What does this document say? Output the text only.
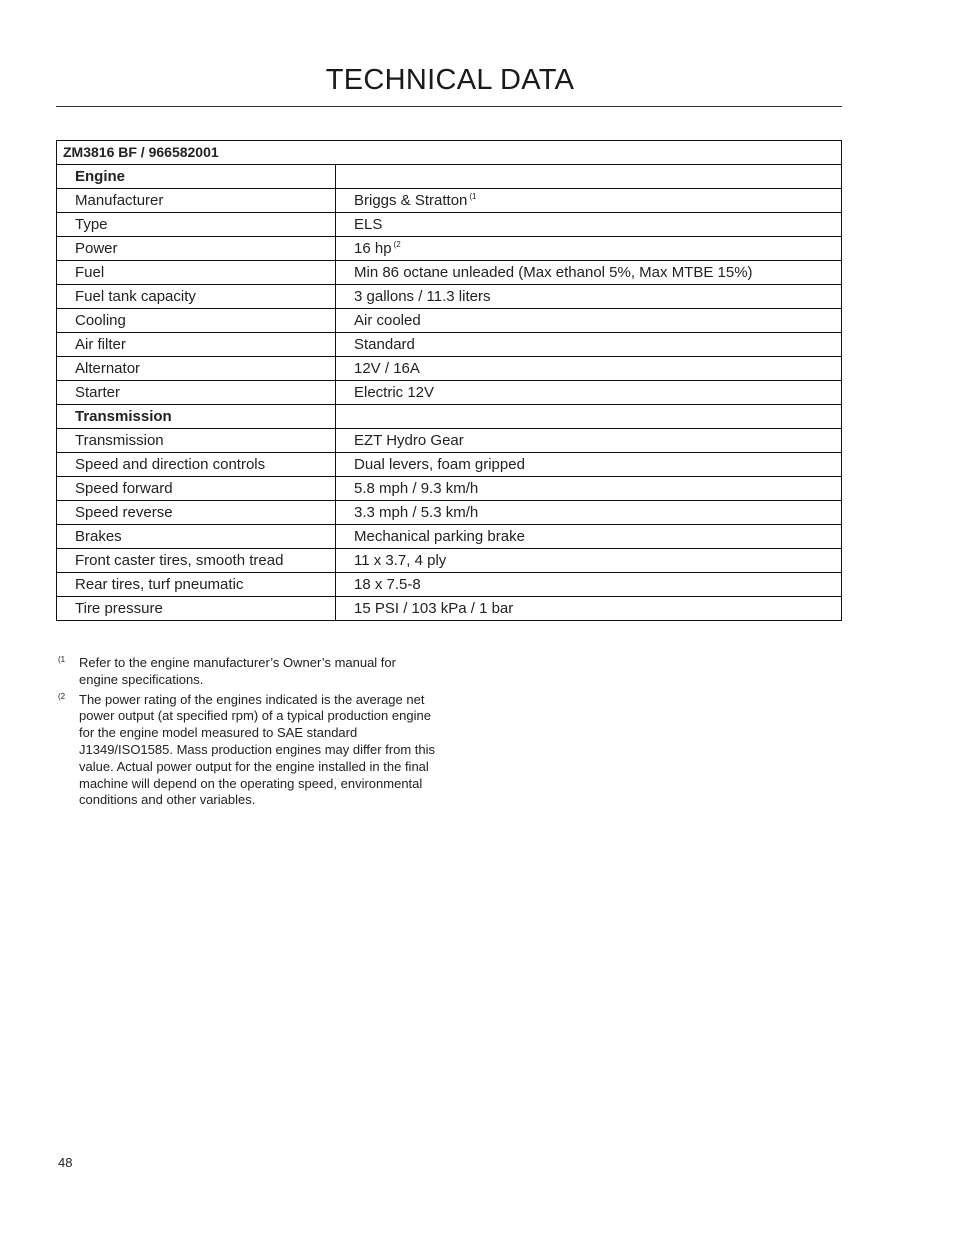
TECHNICAL DATA
ZM3816 BF / 966582001	
Engine	
Manufacturer	Briggs & Stratton $^{(1}$
Type	ELS
Power	16 hp $^{(2}$
Fuel	Min 86 octane unleaded (Max ethanol 5%, Max MTBE 15%)
Fuel tank capacity	3 gallons / 11.3 liters
Cooling	Air cooled
Air filter	Standard
Alternator	12V / 16A
Starter	Electric 12V
Transmission	
Transmission	EZT Hydro Gear
Speed and direction controls	Dual levers, foam gripped
Speed forward	5.8 mph / 9.3 km/h
Speed reverse	3.3 mph / 5.3 km/h
Brakes	Mechanical parking brake
Front caster tires, smooth tread	11 x 3.7, 4 ply
Rear tires, turf pneumatic	18 x 7.5-8
Tire pressure	15 PSI / 103 kPa / 1 bar
(1 Refer to the engine manufacturer’s Owner’s manual for engine specifications.
(2 The power rating of the engines indicated is the average net power output (at specified rpm) of a typical production engine for the engine model measured to SAE standard J1349/ISO1585. Mass production engines may differ from this value. Actual power output for the engine installed in the final machine will depend on the operating speed, environmental conditions and other variables.
48
